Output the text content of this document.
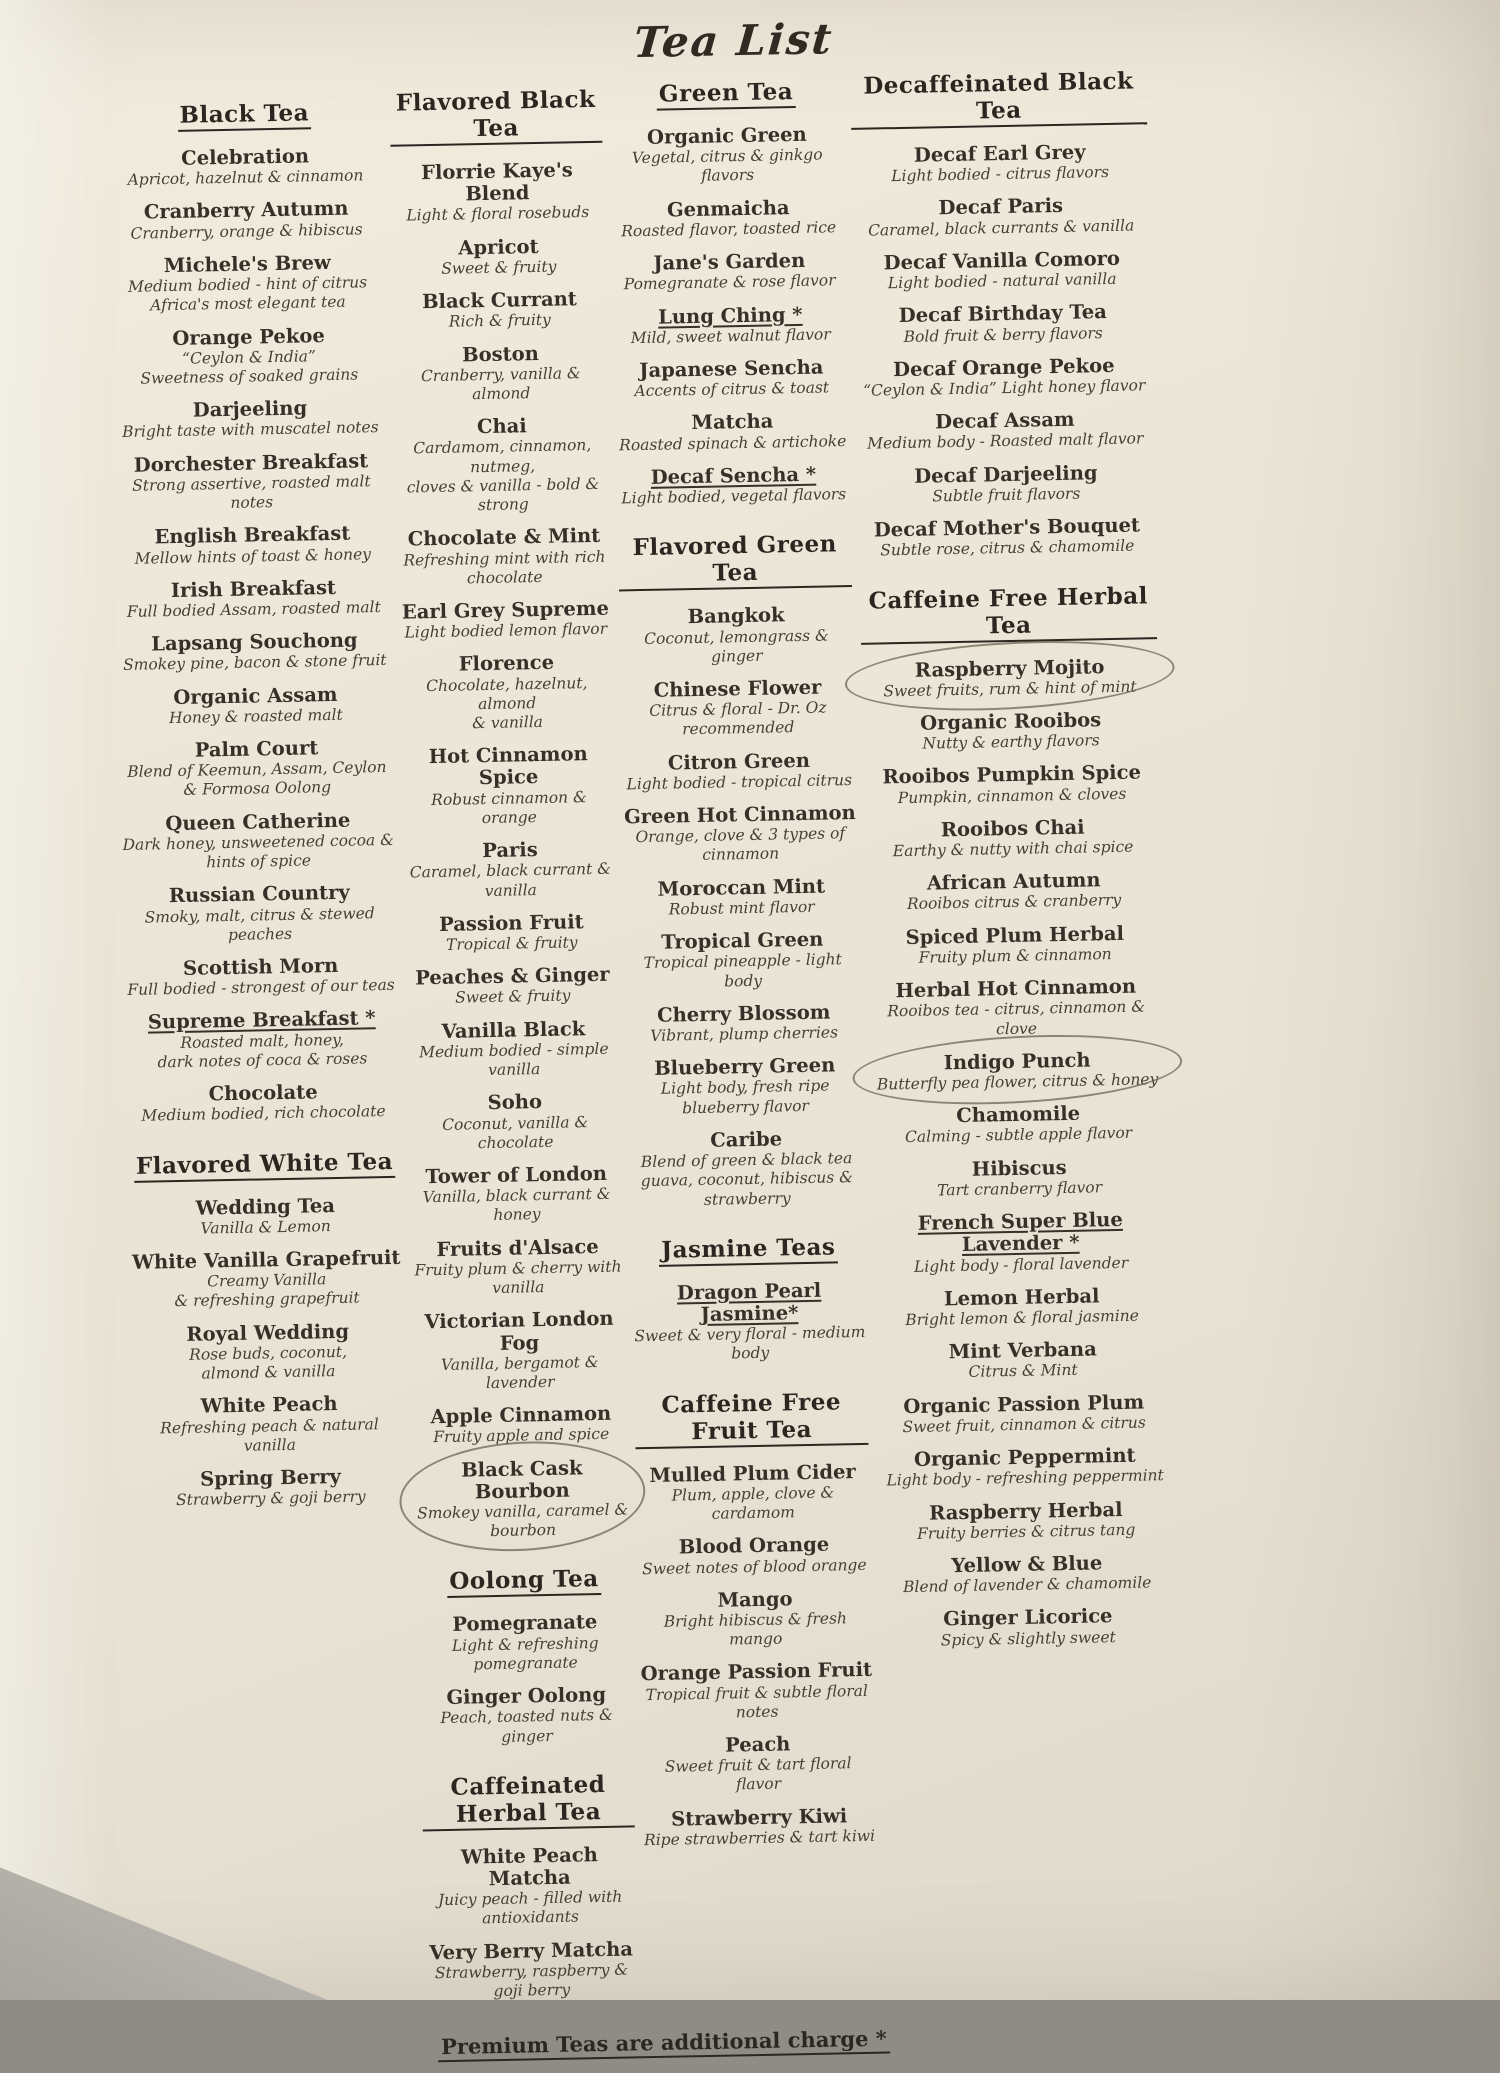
Tea List
Black Tea
Celebration
Apricot, hazelnut & cinnamon
Cranberry Autumn
Cranberry, orange & hibiscus
Michele's Brew
Medium bodied - hint of citrus
Africa's most elegant tea
Orange Pekoe
“Ceylon & India”
Sweetness of soaked grains
Darjeeling
Bright taste with muscatel notes
Dorchester Breakfast
Strong assertive, roasted malt notes
English Breakfast
Mellow hints of toast & honey
Irish Breakfast
Full bodied Assam, roasted malt
Lapsang Souchong
Smokey pine, bacon & stone fruit
Organic Assam
Honey & roasted malt
Palm Court
Blend of Keemun, Assam, Ceylon
& Formosa Oolong
Queen Catherine
Dark honey, unsweetened cocoa &
hints of spice
Russian Country
Smoky, malt, citrus & stewed peaches
Scottish Morn
Full bodied - strongest of our teas
Supreme Breakfast *
Roasted malt, honey,
dark notes of coca & roses
Chocolate
Medium bodied, rich chocolate
Flavored White Tea
Wedding Tea
Vanilla & Lemon
White Vanilla Grapefruit
Creamy Vanilla
& refreshing grapefruit
Royal Wedding
Rose buds, coconut,
almond & vanilla
White Peach
Refreshing peach & natural vanilla
Spring Berry
Strawberry & goji berry
Flavored Black Tea
Florrie Kaye's Blend
Light & floral rosebuds
Apricot
Sweet & fruity
Black Currant
Rich & fruity
Boston
Cranberry, vanilla & almond
Chai
Cardamom, cinnamon, nutmeg,
cloves & vanilla - bold & strong
Chocolate & Mint
Refreshing mint with rich chocolate
Earl Grey Supreme
Light bodied lemon flavor
Florence
Chocolate, hazelnut, almond
& vanilla
Hot Cinnamon Spice
Robust cinnamon & orange
Paris
Caramel, black currant & vanilla
Passion Fruit
Tropical & fruity
Peaches & Ginger
Sweet & fruity
Vanilla Black
Medium bodied - simple vanilla
Soho
Coconut, vanilla & chocolate
Tower of London
Vanilla, black currant & honey
Fruits d'Alsace
Fruity plum & cherry with vanilla
Victorian London Fog
Vanilla, bergamot & lavender
Apple Cinnamon
Fruity apple and spice
Black Cask Bourbon
Smokey vanilla, caramel & bourbon
Oolong Tea
Pomegranate
Light & refreshing pomegranate
Ginger Oolong
Peach, toasted nuts & ginger
Caffeinated Herbal Tea
White Peach Matcha
Juicy peach - filled with antioxidants
Very Berry Matcha
Strawberry, raspberry & goji berry
Green Tea
Organic Green
Vegetal, citrus & ginkgo flavors
Genmaicha
Roasted flavor, toasted rice
Jane's Garden
Pomegranate & rose flavor
Lung Ching *
Mild, sweet walnut flavor
Japanese Sencha
Accents of citrus & toast
Matcha
Roasted spinach & artichoke
Decaf Sencha *
Light bodied, vegetal flavors
Flavored Green Tea
Bangkok
Coconut, lemongrass & ginger
Chinese Flower
Citrus & floral - Dr. Oz recommended
Citron Green
Light bodied - tropical citrus
Green Hot Cinnamon
Orange, clove & 3 types of cinnamon
Moroccan Mint
Robust mint flavor
Tropical Green
Tropical pineapple - light body
Cherry Blossom
Vibrant, plump cherries
Blueberry Green
Light body, fresh ripe blueberry flavor
Caribe
Blend of green & black tea
guava, coconut, hibiscus & strawberry
Jasmine Teas
Dragon Pearl Jasmine*
Sweet & very floral - medium body
Caffeine Free Fruit Tea
Mulled Plum Cider
Plum, apple, clove & cardamom
Blood Orange
Sweet notes of blood orange
Mango
Bright hibiscus & fresh mango
Orange Passion Fruit
Tropical fruit & subtle floral notes
Peach
Sweet fruit & tart floral flavor
Strawberry Kiwi
Ripe strawberries & tart kiwi
Decaffeinated Black Tea
Decaf Earl Grey
Light bodied - citrus flavors
Decaf Paris
Caramel, black currants & vanilla
Decaf Vanilla Comoro
Light bodied - natural vanilla
Decaf Birthday Tea
Bold fruit & berry flavors
Decaf Orange Pekoe
“Ceylon & India” Light honey flavor
Decaf Assam
Medium body - Roasted malt flavor
Decaf Darjeeling
Subtle fruit flavors
Decaf Mother's Bouquet
Subtle rose, citrus & chamomile
Caffeine Free Herbal Tea
Raspberry Mojito
Sweet fruits, rum & hint of mint
Organic Rooibos
Nutty & earthy flavors
Rooibos Pumpkin Spice
Pumpkin, cinnamon & cloves
Rooibos Chai
Earthy & nutty with chai spice
African Autumn
Rooibos citrus & cranberry
Spiced Plum Herbal
Fruity plum & cinnamon
Herbal Hot Cinnamon
Rooibos tea - citrus, cinnamon & clove
Indigo Punch
Butterfly pea flower, citrus & honey
Chamomile
Calming - subtle apple flavor
Hibiscus
Tart cranberry flavor
French Super Blue Lavender *
Light body - floral lavender
Lemon Herbal
Bright lemon & floral jasmine
Mint Verbana
Citrus & Mint
Organic Passion Plum
Sweet fruit, cinnamon & citrus
Organic Peppermint
Light body - refreshing peppermint
Raspberry Herbal
Fruity berries & citrus tang
Yellow & Blue
Blend of lavender & chamomile
Ginger Licorice
Spicy & slightly sweet
Premium Teas are additional charge *
